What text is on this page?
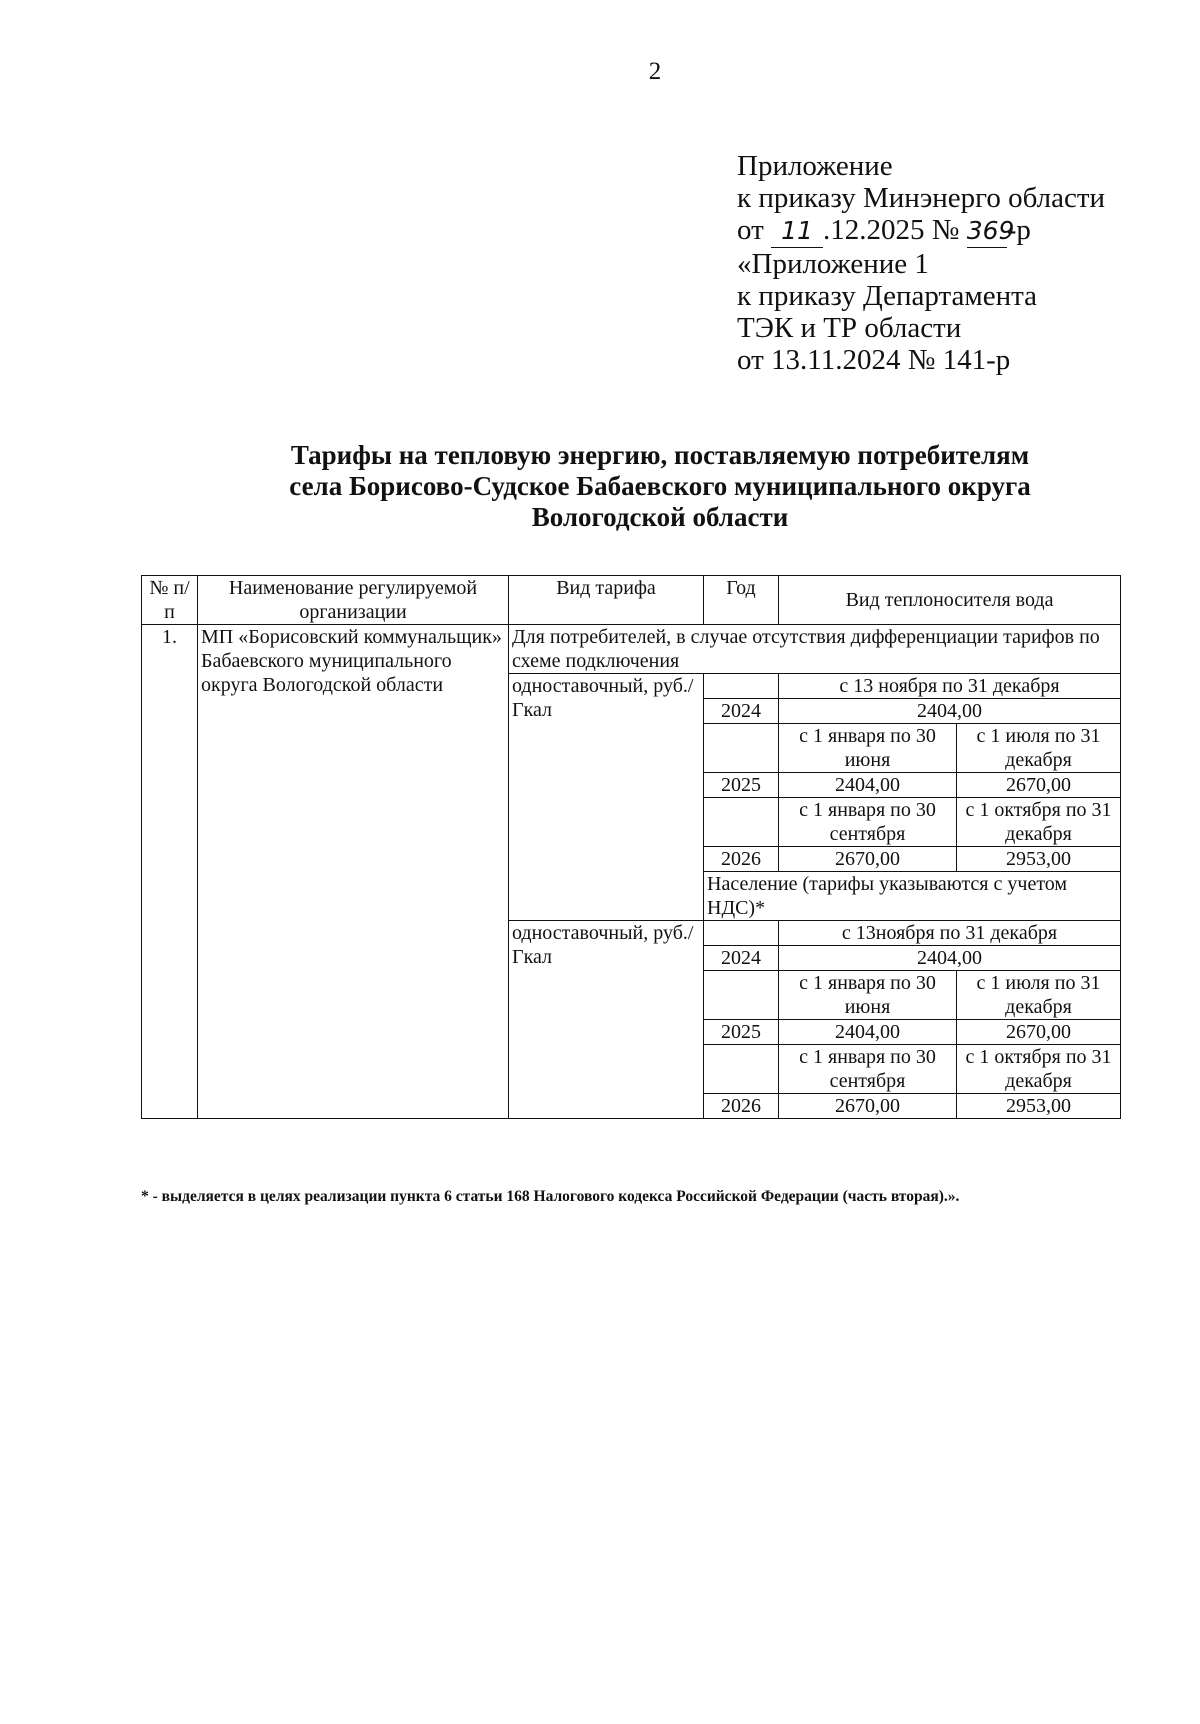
2
Приложение
к приказу Минэнерго области
от 11 .12.2025 № 369-р
«Приложение 1
к приказу Департамента
ТЭК и ТР области
от 13.11.2024 № 141-р
Тарифы на тепловую энергию, поставляемую потребителям
села Борисово-Судское Бабаевского муниципального округа
Вологодской области
№ п/п	Наименование регулируемой организации	Вид тарифа	Год	Вид теплоносителя вода	
1.	МП «Борисовский коммунальщик» Бабаевского муниципального округа Вологодской области	Для потребителей, в случае отсутствия дифференциации тарифов по схеме подключения			
		одноставочный, руб./Гкал		с 13 ноября по 31 декабря	
			2024	2404,00	
				с 1 января по 30 июня	с 1 июля по 31 декабря
			2025	2404,00	2670,00
				с 1 января по 30 сентября	с 1 октября по 31 декабря
			2026	2670,00	2953,00
			Население (тарифы указываются с учетом НДС)*		
		одноставочный, руб./Гкал		с 13ноября по 31 декабря	
			2024	2404,00	
				с 1 января по 30 июня	с 1 июля по 31 декабря
			2025	2404,00	2670,00
				с 1 января по 30 сентября	с 1 октября по 31 декабря
			2026	2670,00	2953,00
* - выделяется в целях реализации пункта 6 статьи 168 Налогового кодекса Российской Федерации (часть вторая).».
